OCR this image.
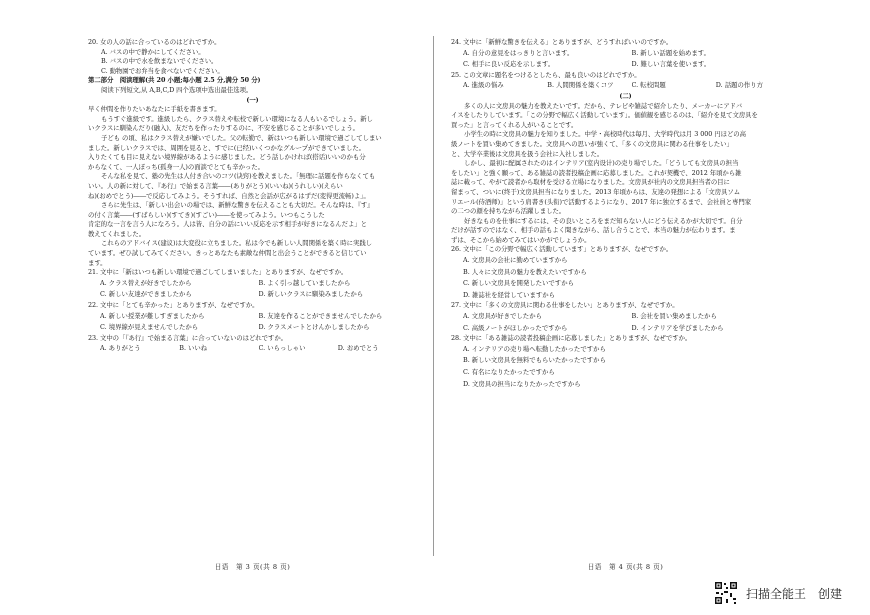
20. 女の人の話に合っているのはどれですか。
A. バスの中で静かにしてください。
B. バスの中で水を飲まないでください。
C. 動物園でお弁当を食べないでください。
第二部分　阅读理解(共 20 小题;每小题 2.5 分,满分 50 分)
阅读下列短文,从 A,B,C,D 四个选项中选出最佳选项。
(一)
早く仲間を作りたいあなたに手紙を書きます。
もうすぐ進級です。進級したら、クラス替えや転校で新しい環境になる人もいるでしょう。新し
いクラスに馴染んだり(融入)、友だちを作ったりするのに、不安を感じることが多いでしょう。
子ども の頃、私はクラス替えが嫌いでした。父の転勤で、新はいつも新しい環境で過ごしてしまい
ました。新しいクラスでは、周囲を見ると、すでに(已经)いくつかなグループができていました。
入りたくても目に見えない境界線があるように感じました。どう話しかければ(搭话)いいのかも分
からなくて、一人ぼっち(孤身一人)の面談でとても辛かった。
そんな私を見て、塾の先生は人付き合いのコツ(诀窍)を教えました。「無理に話題を作らなくても
いい。人の新に対して、『あ行』で始まる言葉――(ありがとう)(いいね)(うれしい)(えらい
ね)(おめでとう)――で反応してみよう。そうすれば、自然と会話が広がるはずだ(変得更流畅)よ」。
さらに先生は、「新しい出会いの場では、新鮮な驚きを伝えることも大切だ。そんな時は、『す』
の付く言葉――(すばらしい)(すてき)(すごい)――を使ってみよう。いつもこうした
肯定的な一言を言う人になろう。人は皆、自分の話にいい反応を示す相手が好きになるんだよ」と
教えてくれました。
これらのアドバイス(建议)は大変役に立ちました。私は今でも新しい人間関係を築く時に実践し
ています。ぜひ試してみてください。きっとあなたも素敵な仲間と出会うことができると信じてい
ます。
21. 文中に「新はいつも新しい環境で過ごしてしまいました」とありますが、なぜですか。
A. クラス替えが好きでしたから	B. よく引っ越していましたから
C. 新しい友達ができましたから	D. 新しいクラスに馴染みましたから
22. 文中に「とても辛かった」とありますが、なぜですか。
A. 新しい授業が難しすぎましたから	B. 友達を作ることができませんでしたから
C. 境界線が見えませんでしたから	D. クラスメートとけんかしましたから
23. 文中の「『あ行』で始まる言葉」に合っていないのはどれですか。
A. ありがとう	B. いいね	C. いらっしゃい	D. おめでとう
日语　第 3 页(共 8 页)
24. 文中に「新鮮な驚きを伝える」とありますが、どうすればいいのですか。
A. 自分の意見をはっきりと言います。	B. 新しい話題を始めます。
C. 相手に良い反応を示します。	D. 難しい言葉を使います。
25. この文章に題名をつけるとしたら、最も良いのはどれですか。
A. 進級の悩み	B. 人間関係を築くコツ	C. 転校問題	D. 話題の作り方
(二)
多くの人に文房具の魅力を教えたいです。だから、テレビや雑誌で紹介したり、メーカーにアドバ
イスをしたりしています。「この分野で幅広く活動しています」。価値観を感じるのは、「紹介を見て文房具を
買った」と言ってくれる人がいることです。
小学生の時に文房具の魅力を知りました。中学・高校時代は毎月、大学時代は月 3 000 円ほどの高
級ノートを買い集めてきました。文房具への思いが強くて、「多くの文房具に関わる仕事をしたい」
と、大学卒業後は文房具を扱う会社に入社しました。
しかし、最初に配属されたのはインテリア(室内设计)の売り場でした。「どうしても文房具の担当
をしたい」と強く願って、ある雑誌の読者投稿企画に応募しました。これが契機で、2012 年頃から雑
誌に載って、やがて読者から取材を受ける立場になりました。文房具が社内の文房具担当者の目に
留まって、ついに(终于)文房具担当になりました。2013 年頃からは、友達の発想による「文房具ソム
リエール(侍酒师)」という肩書き(头衔)で活動するようになり、2017 年に独立するまで、会社員と専門家
の二つの顔を持ちながら活躍しました。
好きなものを仕事にするには、その良いところをまだ知らない人にどう伝えるかが大切です。自分
だけが話すのではなく、相手の話もよく聞きながら、話し合うことで、本当の魅力が伝わります。ま
ずは、そこから始めてみてはいかがでしょうか。
26. 文中に「この分野で幅広く活動しています」とありますが、なぜですか。
A. 文房具の会社に勤めていますから
B. 人々に文房具の魅力を教えたいですから
C. 新しい文房具を開発したいですから
D. 雑誌社を経営していますから
27. 文中に「多くの文房具に関わる仕事をしたい」とありますが、なぜですか。
A. 文房具が好きでしたから	B. 会社を買い集めましたから
C. 高級ノートがほしかったですから	D. インテリアを学びましたから
28. 文中に「ある雑誌の読者投稿企画に応募しました」とありますが、なぜですか。
A. インテリアの売り場へ転勤したかったですから
B. 新しい文房具を無料でもらいたかったですから
C. 有名になりたかったですから
D. 文房具の担当になりたかったですから
日语　第 4 页(共 8 页)
扫描全能王　创建
